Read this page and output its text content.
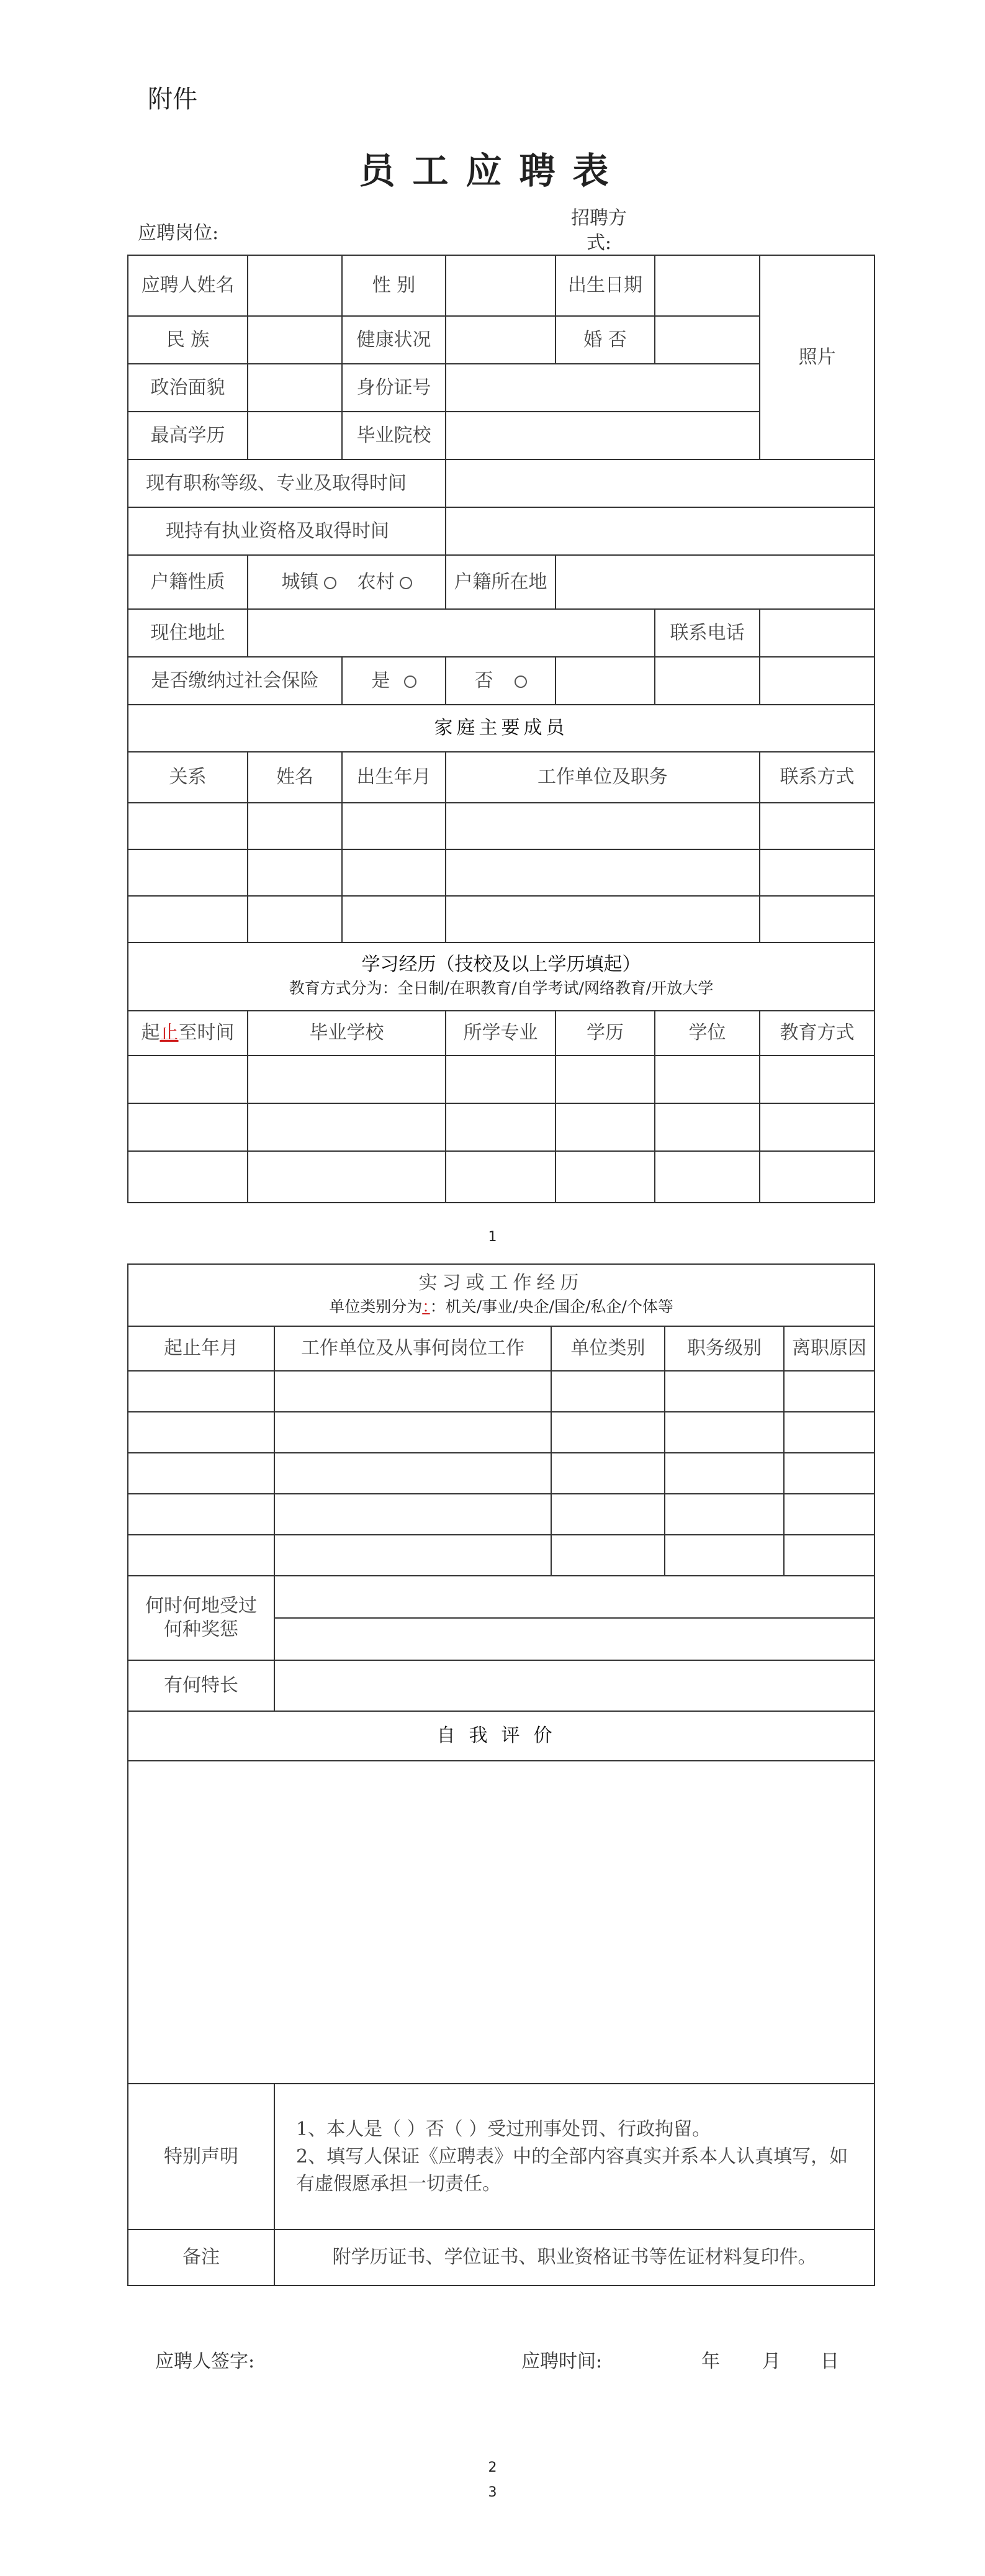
附件
员工应聘表
应聘岗位:
招聘方
式:
应聘人姓名		性 别		出生日期		照片
民 族		健康状况		婚 否		
政治面貌		身份证号				
最高学历		毕业院校				
现有职称等级、专业及取得时间						
现持有执业资格及取得时间						
户籍性质	城镇 农村		户籍所在地			
现住地址					联系电话	
是否缴纳过社会保险		是	否			
家庭主要成员						
关系	姓名	出生年月	工作单位及职务			联系方式

学习经历（技校及以上学历填起）
教育方式分为：全日制/在职教育/自学考试/网络教育/开放大学						

起止至时间	毕业学校		所学专业	学历	学位	教育方式

1
实习或工作经历
单位类别分为：：机关/事业/央企/国企/私企/个体等				

起止年月	工作单位及从事何岗位工作	单位类别	职务级别	离职原因

何时何地受过何种奖惩				

有何特长				
自我评价				

特别声明	1、本人是（ ）否（ ）受过刑事处罚、行政拘留。
2、填写人保证《应聘表》中的全部内容真实并系本人认真填写，如有虚假愿承担一切责任。			

备注	附学历证书、学位证书、职业资格证书等佐证材料复印件。			
应聘人签字:	应聘时间:	年 月 日
2
3
